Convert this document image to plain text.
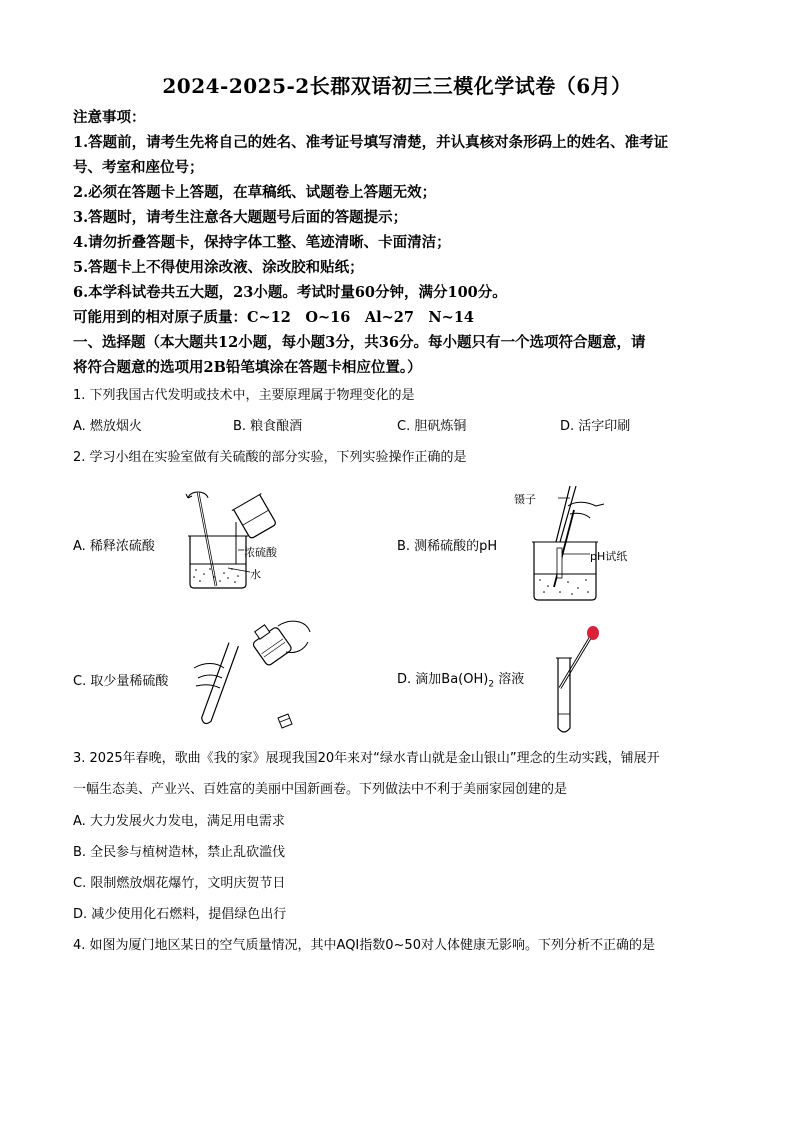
2024-2025-2长郡双语初三三模化学试卷（6月）
注意事项：
1.答题前，请考生先将自己的姓名、准考证号填写清楚，并认真核对条形码上的姓名、准考证
号、考室和座位号；
2.必须在答题卡上答题，在草稿纸、试题卷上答题无效；
3.答题时，请考生注意各大题题号后面的答题提示；
4.请勿折叠答题卡，保持字体工整、笔迹清晰、卡面清洁；
5.答题卡上不得使用涂改液、涂改胶和贴纸；
6.本学科试卷共五大题，23小题。考试时量60分钟，满分100分。
可能用到的相对原子质量：C~12　O~16　Al~27　N~14
一、选择题（本大题共12小题，每小题3分，共36分。每小题只有一个选项符合题意，请
将符合题意的选项用2B铅笔填涂在答题卡相应位置。）
1. 下列我国古代发明或技术中，主要原理属于物理变化的是
A. 燃放烟火	B. 粮食酿酒	C. 胆矾炼铜	D. 活字印刷
2. 学习小组在实验室做有关硫酸的部分实验，下列实验操作正确的是
A. 稀释浓硫酸	B. 测稀硫酸的pH
C. 取少量稀硫酸	D. 滴加$Ba(OH)_2$ 溶液
浓硫酸
水
镊子
pH试纸
3. 2025年春晚，歌曲《我的家》展现我国20年来对“绿水青山就是金山银山”理念的生动实践，铺展开
一幅生态美、产业兴、百姓富的美丽中国新画卷。下列做法中不利于美丽家园创建的是
A. 大力发展火力发电，满足用电需求
B. 全民参与植树造林，禁止乱砍滥伐
C. 限制燃放烟花爆竹，文明庆贺节日
D. 减少使用化石燃料，提倡绿色出行
4. 如图为厦门地区某日的空气质量情况，其中AQI指数0~50对人体健康无影响。下列分析不正确的是
